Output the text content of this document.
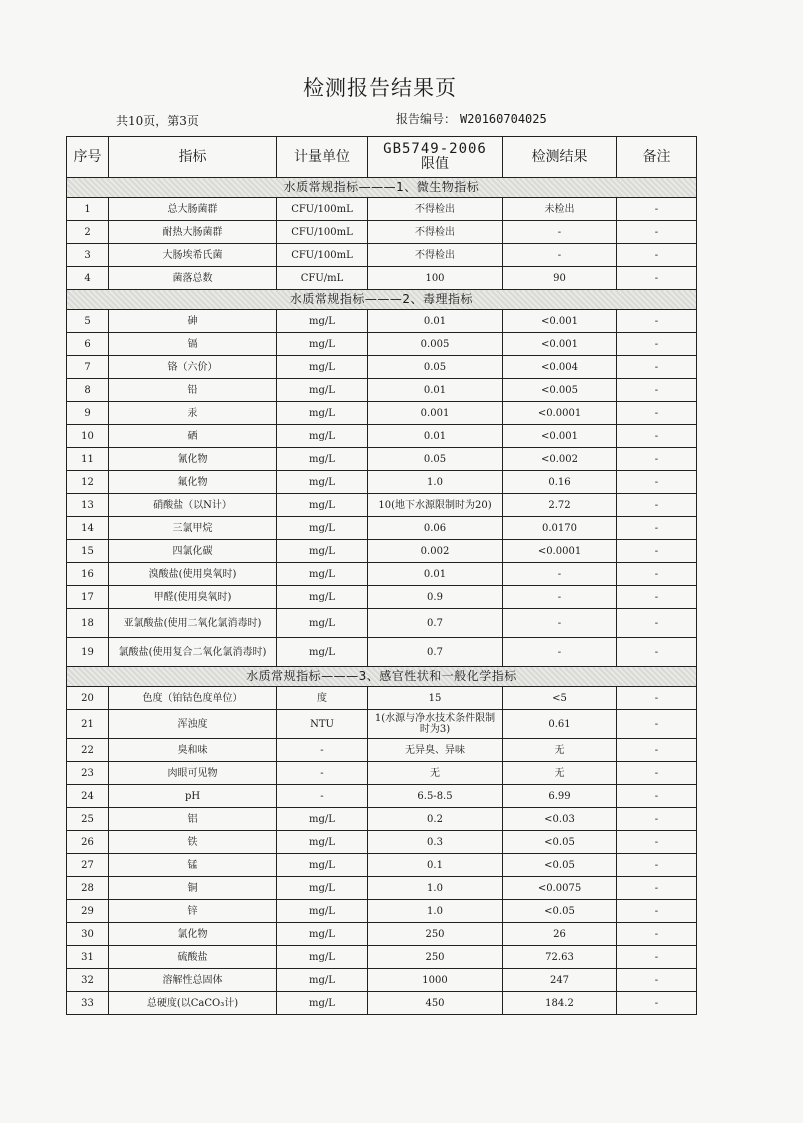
检测报告结果页
共10页，第3页	报告编号： W20160704025
序号	指标	计量单位	GB5749-2006
限值	检测结果	备注
水质常规指标———1、微生物指标					
1	总大肠菌群	CFU/100mL	不得检出	未检出	-
2	耐热大肠菌群	CFU/100mL	不得检出	-	-
3	大肠埃希氏菌	CFU/100mL	不得检出	-	-
4	菌落总数	CFU/mL	100	90	-
水质常规指标———2、毒理指标					
5	砷	mg/L	0.01	<0.001	-
6	镉	mg/L	0.005	<0.001	-
7	铬（六价）	mg/L	0.05	<0.004	-
8	铅	mg/L	0.01	<0.005	-
9	汞	mg/L	0.001	<0.0001	-
10	硒	mg/L	0.01	<0.001	-
11	氰化物	mg/L	0.05	<0.002	-
12	氟化物	mg/L	1.0	0.16	-
13	硝酸盐（以N计）	mg/L	10(地下水源限制时为20)	2.72	-
14	三氯甲烷	mg/L	0.06	0.0170	-
15	四氯化碳	mg/L	0.002	<0.0001	-
16	溴酸盐(使用臭氧时)	mg/L	0.01	-	-
17	甲醛(使用臭氧时)	mg/L	0.9	-	-
18	亚氯酸盐(使用二氧化氯消毒时)	mg/L	0.7	-	-
19	氯酸盐(使用复合二氧化氯消毒时)	mg/L	0.7	-	-
水质常规指标———3、感官性状和一般化学指标					
20	色度（铂钴色度单位）	度	15	<5	-
21	浑浊度	NTU	1(水源与净水技术条件限制时为3)	0.61	-
22	臭和味	-	无异臭、异味	无	-
23	肉眼可见物	-	无	无	-
24	pH	-	6.5-8.5	6.99	-
25	铝	mg/L	0.2	<0.03	-
26	铁	mg/L	0.3	<0.05	-
27	锰	mg/L	0.1	<0.05	-
28	铜	mg/L	1.0	<0.0075	-
29	锌	mg/L	1.0	<0.05	-
30	氯化物	mg/L	250	26	-
31	硫酸盐	mg/L	250	72.63	-
32	溶解性总固体	mg/L	1000	247	-
33	总硬度(以CaCO₃计)	mg/L	450	184.2	-
